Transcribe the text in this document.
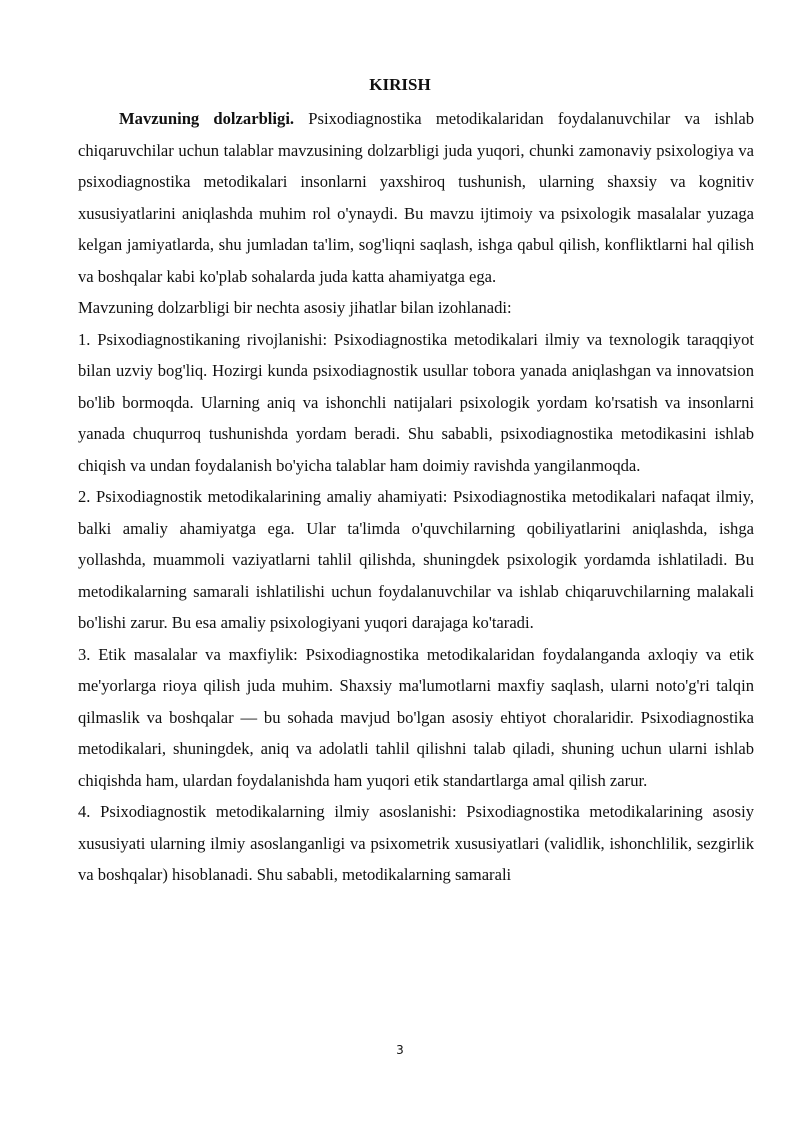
KIRISH

Mavzuning dolzarbligi. Psixodiagnostika metodikalaridan foydalanuvchilar va ishlab chiqaruvchilar uchun talablar mavzusining dolzarbligi juda yuqori, chunki zamonaviy psixologiya va psixodiagnostika metodikalari insonlarni yaxshiroq tushunish, ularning shaxsiy va kognitiv xususiyatlarini aniqlashda muhim rol o'ynaydi. Bu mavzu ijtimoiy va psixologik masalalar yuzaga kelgan jamiyatlarda, shu jumladan ta'lim, sog'liqni saqlash, ishga qabul qilish, konfliktlarni hal qilish va boshqalar kabi ko'plab sohalarda juda katta ahamiyatga ega.

Mavzuning dolzarbligi bir nechta asosiy jihatlar bilan izohlanadi:

1. Psixodiagnostikaning rivojlanishi: Psixodiagnostika metodikalari ilmiy va texnologik taraqqiyot bilan uzviy bog'liq. Hozirgi kunda psixodiagnostik usullar tobora yanada aniqlashgan va innovatsion bo'lib bormoqda. Ularning aniq va ishonchli natijalari psixologik yordam ko'rsatish va insonlarni yanada chuqurroq tushunishda yordam beradi. Shu sababli, psixodiagnostika metodikasini ishlab chiqish va undan foydalanish bo'yicha talablar ham doimiy ravishda yangilanmoqda.

2. Psixodiagnostik metodikalarining amaliy ahamiyati: Psixodiagnostika metodikalari nafaqat ilmiy, balki amaliy ahamiyatga ega. Ular ta'limda o'quvchilarning qobiliyatlarini aniqlashda, ishga yollashda, muammoli vaziyatlarni tahlil qilishda, shuningdek psixologik yordamda ishlatiladi. Bu metodikalarning samarali ishlatilishi uchun foydalanuvchilar va ishlab chiqaruvchilarning malakali bo'lishi zarur. Bu esa amaliy psixologiyani yuqori darajaga ko'taradi.

3. Etik masalalar va maxfiylik: Psixodiagnostika metodikalaridan foydalanganda axloqiy va etik me'yorlarga rioya qilish juda muhim. Shaxsiy ma'lumotlarni maxfiy saqlash, ularni noto'g'ri talqin qilmaslik va boshqalar — bu sohada mavjud bo'lgan asosiy ehtiyot choralaridir. Psixodiagnostika metodikalari, shuningdek, aniq va adolatli tahlil qilishni talab qiladi, shuning uchun ularni ishlab chiqishda ham, ulardan foydalanishda ham yuqori etik standartlarga amal qilish zarur.

4. Psixodiagnostik metodikalarning ilmiy asoslanishi: Psixodiagnostika metodikalarining asosiy xususiyati ularning ilmiy asoslanganligi va psixometrik xususiyatlari (validlik, ishonchlilik, sezgirlik va boshqalar) hisoblanadi. Shu sababli, metodikalarning samarali

3
